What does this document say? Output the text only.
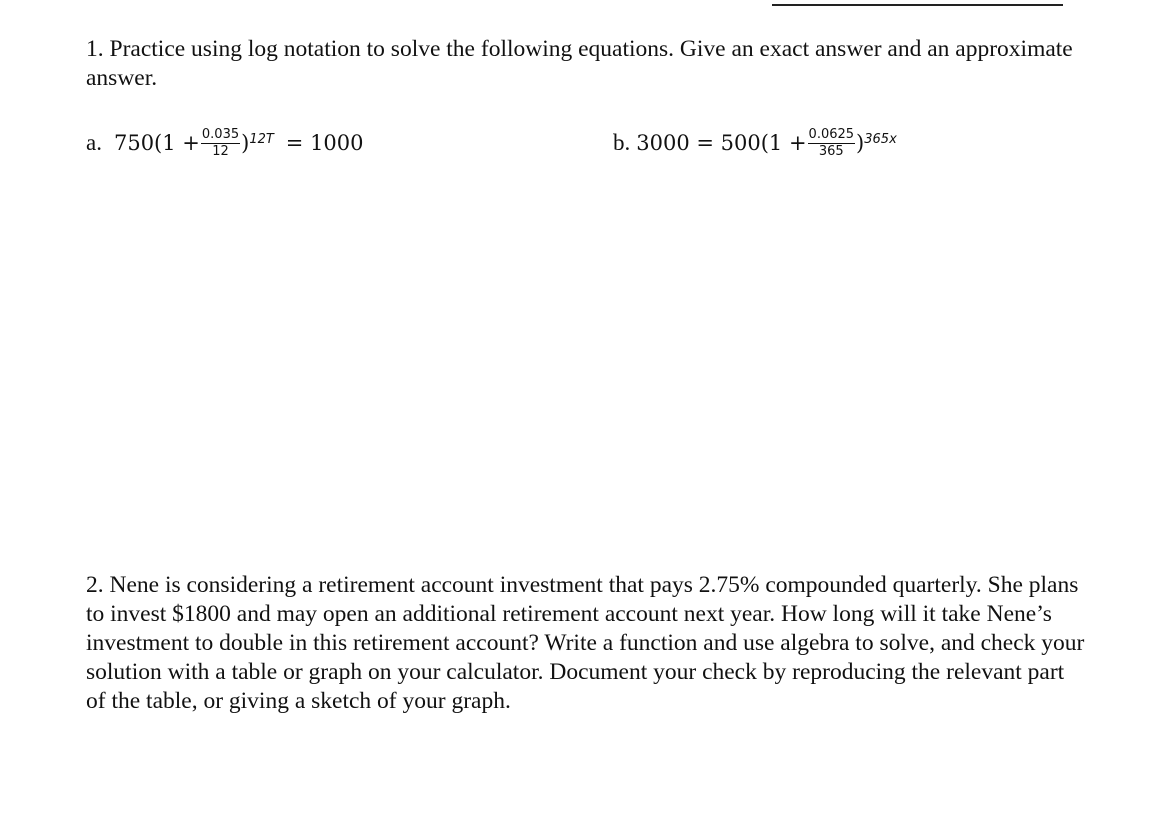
1. Practice using log notation to solve the following equations. Give an exact answer and an approximate answer.

a. $750(1 + \frac{0.035}{12} )^{12T} = 1000$	b. $3000 = 500(1 + \frac{0.0625}{365} )^{365x}$

2. Nene is considering a retirement account investment that pays 2.75% compounded quarterly. She plans to invest $1800 and may open an additional retirement account next year. How long will it take Nene’s investment to double in this retirement account? Write a function and use algebra to solve, and check your solution with a table or graph on your calculator. Document your check by reproducing the relevant part of the table, or giving a sketch of your graph.
